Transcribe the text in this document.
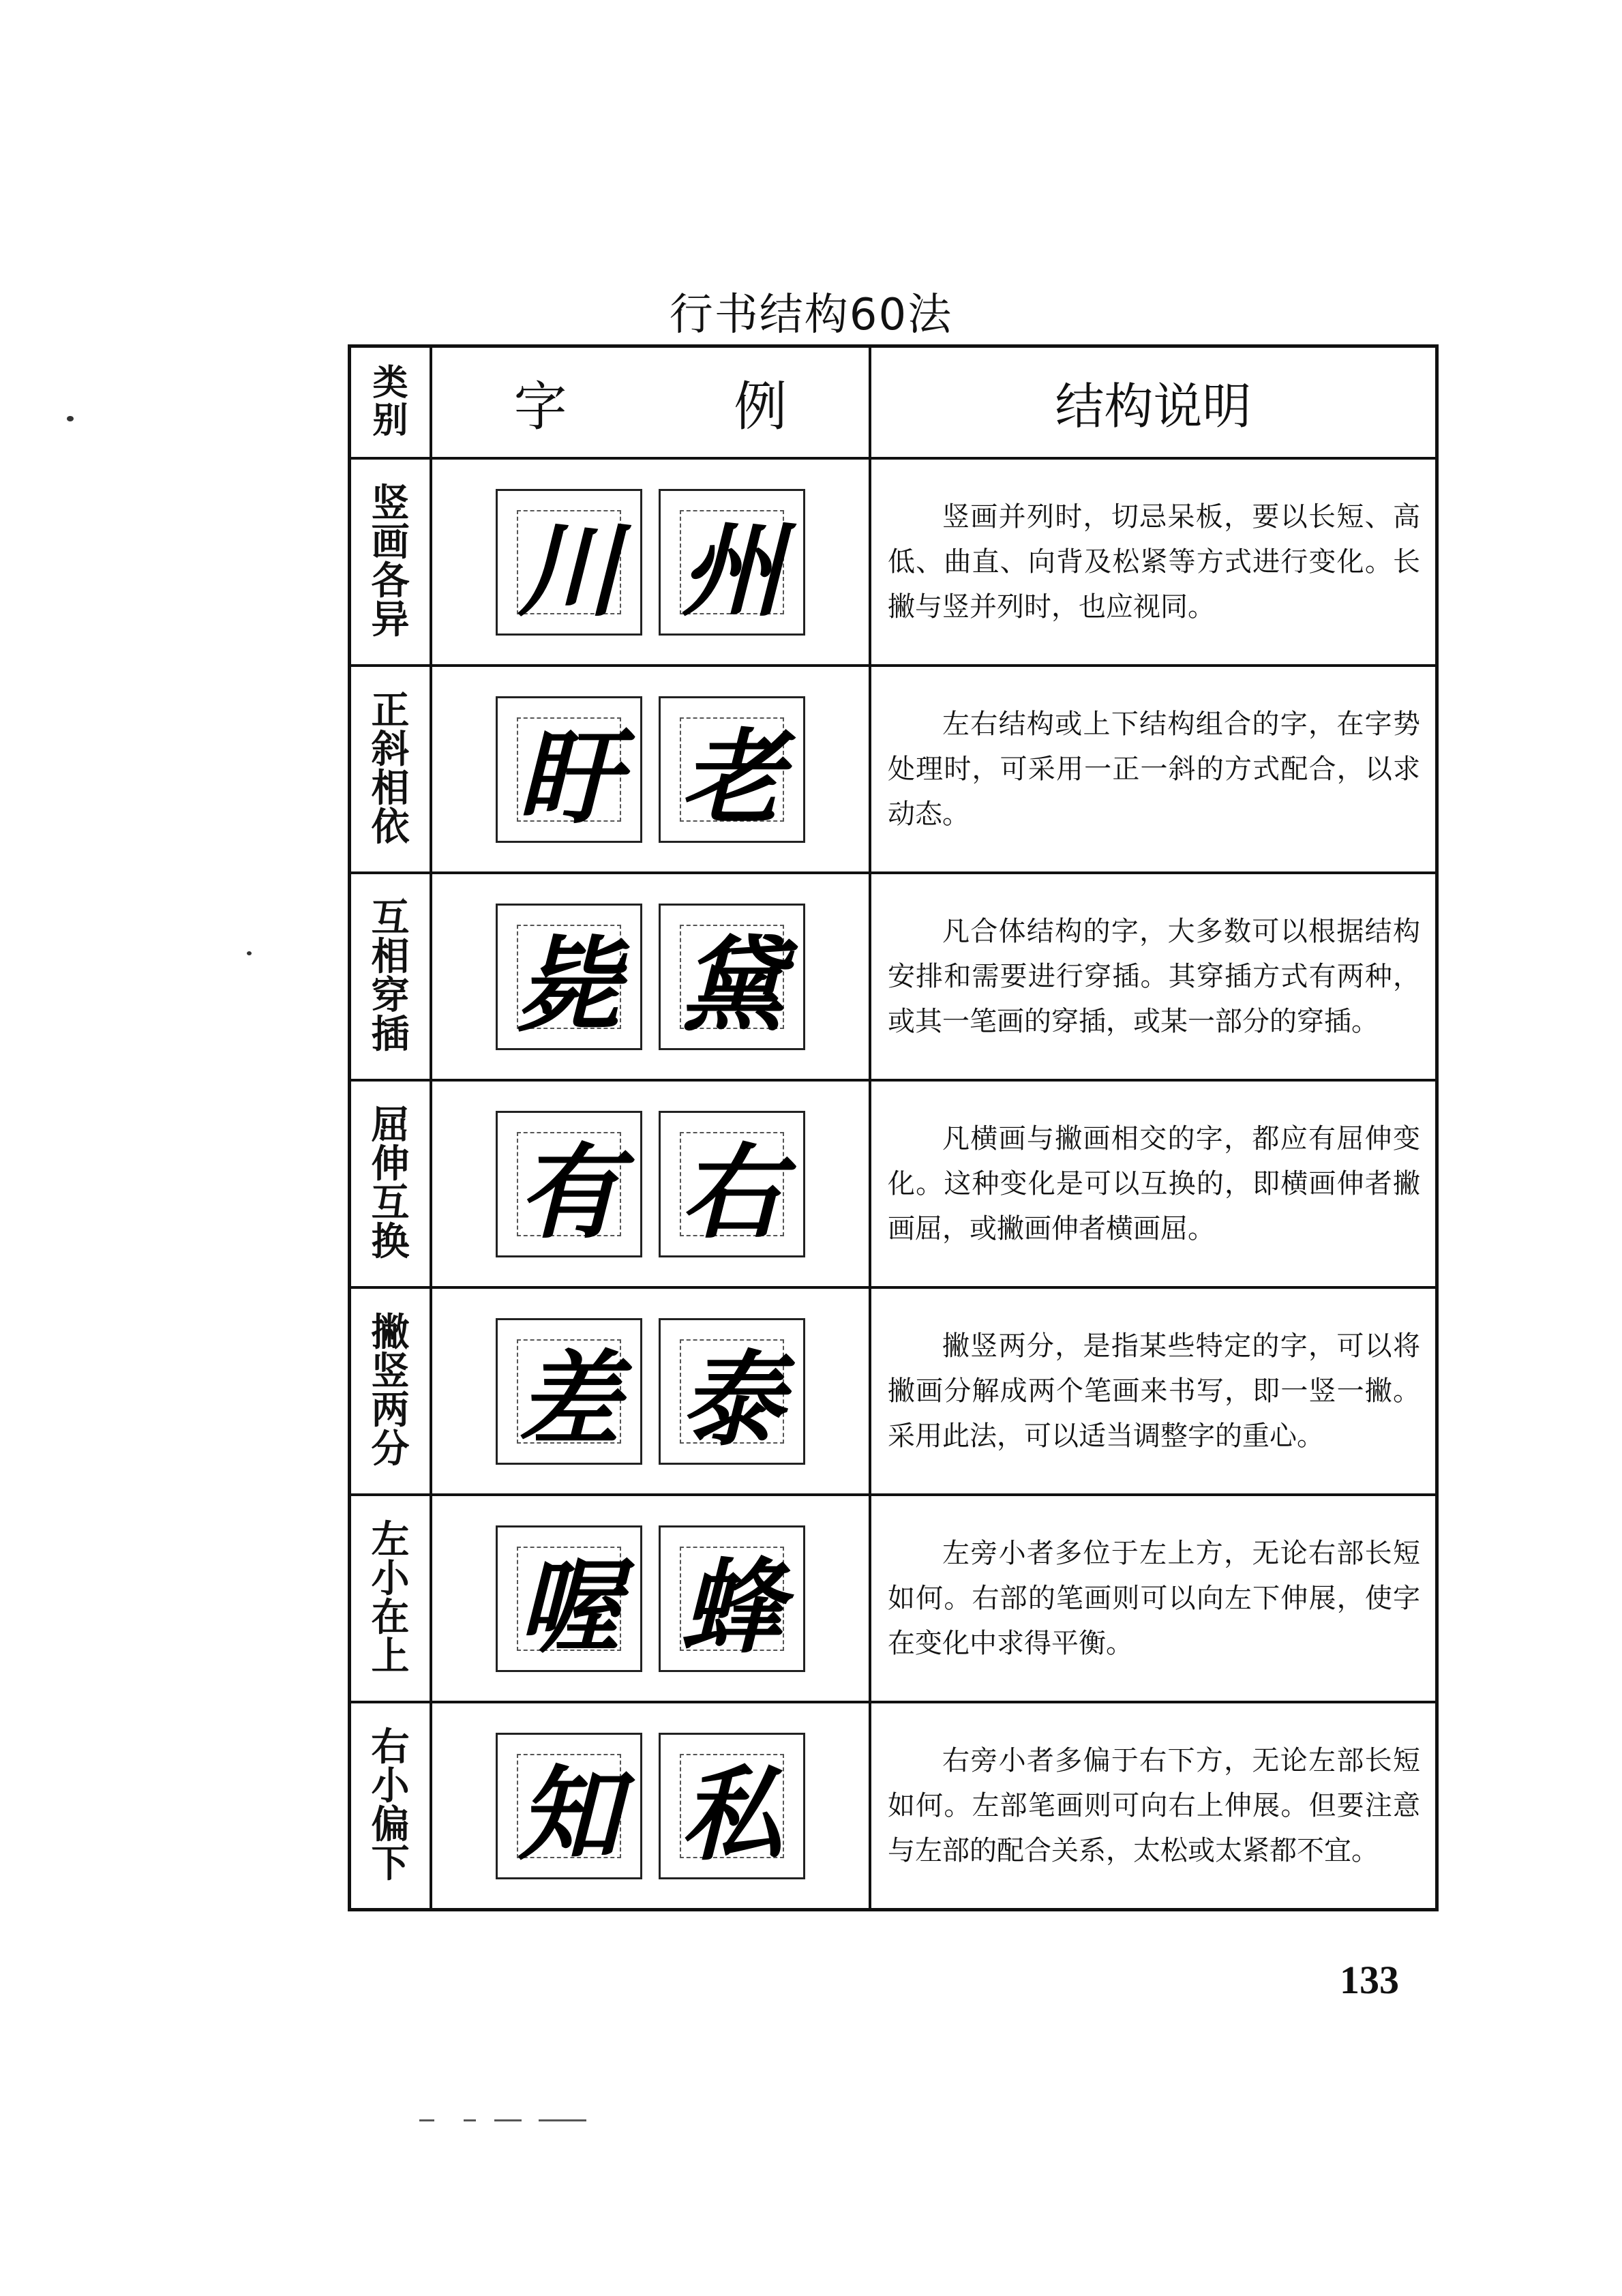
行书结构60法
类别	字 例	结构说明
竖画各异	川 州	竖画并列时，切忌呆板，要以长短、高低、曲直、向背及松紧等方式进行变化。长撇与竖并列时，也应视同。

正斜相依	盱 老	左右结构或上下结构组合的字，在字势处理时，可采用一正一斜的方式配合，以求动态。

互相穿插	毙 黛	凡合体结构的字，大多数可以根据结构安排和需要进行穿插。其穿插方式有两种，或其一笔画的穿插，或某一部分的穿插。

屈伸互换	有 右	凡横画与撇画相交的字，都应有屈伸变化。这种变化是可以互换的，即横画伸者撇画屈，或撇画伸者横画屈。

撇竖两分	差 泰	撇竖两分，是指某些特定的字，可以将撇画分解成两个笔画来书写，即一竖一撇。采用此法，可以适当调整字的重心。

左小在上	喔 蜂	左旁小者多位于左上方，无论右部长短如何。右部的笔画则可以向左下伸展，使字在变化中求得平衡。

右小偏下	知 私	右旁小者多偏于右下方，无论左部长短如何。左部笔画则可向右上伸展。但要注意与左部的配合关系，太松或太紧都不宜。
133
